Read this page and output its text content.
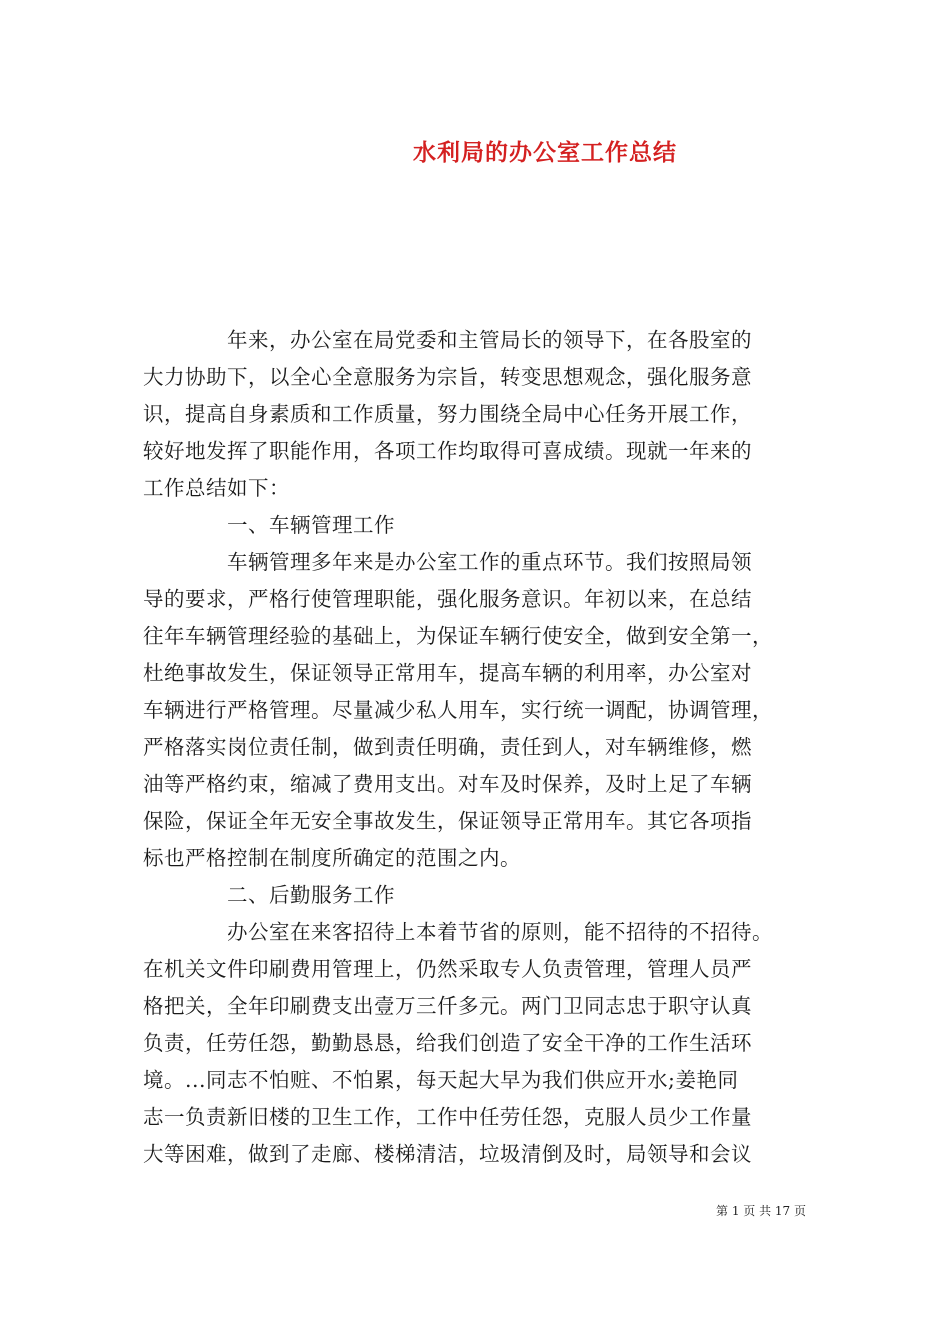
水利局的办公室工作总结
　　　　年来，办公室在局党委和主管局长的领导下，在各股室的
大力协助下，以全心全意服务为宗旨，转变思想观念，强化服务意
识，提高自身素质和工作质量，努力围绕全局中心任务开展工作，
较好地发挥了职能作用，各项工作均取得可喜成绩。现就一年来的
工作总结如下：
　　　　一、车辆管理工作
　　　　车辆管理多年来是办公室工作的重点环节。我们按照局领
导的要求，严格行使管理职能，强化服务意识。年初以来，在总结
往年车辆管理经验的基础上，为保证车辆行使安全，做到安全第一，
杜绝事故发生，保证领导正常用车，提高车辆的利用率，办公室对
车辆进行严格管理。尽量减少私人用车，实行统一调配，协调管理，
严格落实岗位责任制，做到责任明确，责任到人，对车辆维修，燃
油等严格约束，缩减了费用支出。对车及时保养，及时上足了车辆
保险，保证全年无安全事故发生，保证领导正常用车。其它各项指
标也严格控制在制度所确定的范围之内。
　　　　二、后勤服务工作
　　　　办公室在来客招待上本着节省的原则，能不招待的不招待。
在机关文件印刷费用管理上，仍然采取专人负责管理，管理人员严
格把关，全年印刷费支出壹万三仟多元。两门卫同志忠于职守认真
负责，任劳任怨，勤勤恳恳，给我们创造了安全干净的工作生活环
境。...同志不怕赃、不怕累，每天起大早为我们供应开水;姜艳同
志一负责新旧楼的卫生工作，工作中任劳任怨，克服人员少工作量
大等困难，做到了走廊、楼梯清洁，垃圾清倒及时，局领导和会议
第 1 页 共 17 页
